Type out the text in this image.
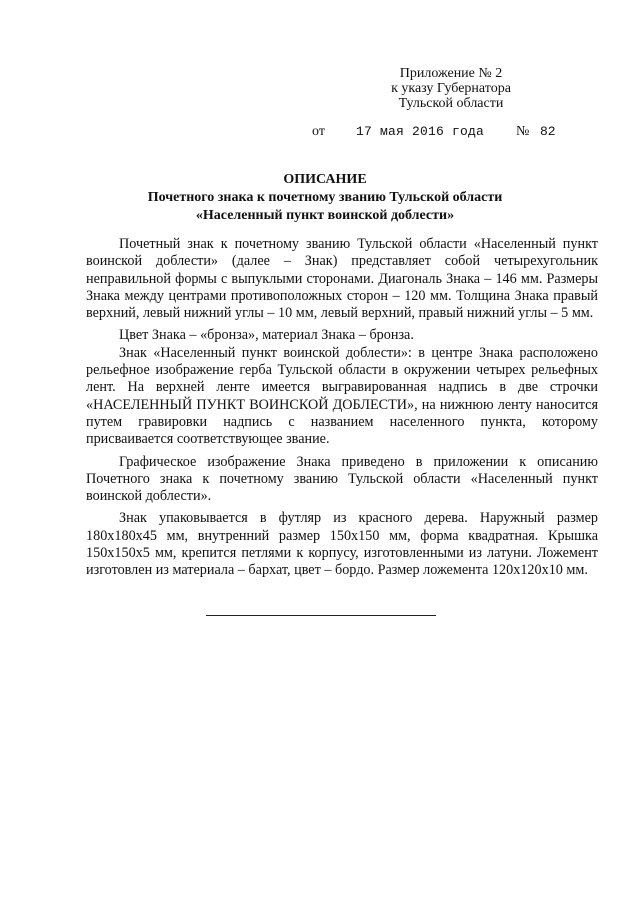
Приложение № 2
к указу Губернатора
Тульской области
от 17 мая 2016 года № 82
ОПИСАНИЕ
Почетного знака к почетному званию Тульской области
«Населенный пункт воинской доблести»

Почетный знак к почетному званию Тульской области «Населенный пункт воинской доблести» (далее – Знак) представляет собой четырехугольник неправильной формы с выпуклыми сторонами. Диагональ Знака – 146 мм. Размеры Знака между центрами противоположных сторон – 120 мм. Толщина Знака правый верхний, левый нижний углы – 10 мм, левый верхний, правый нижний углы – 5 мм.

Цвет Знака – «бронза», материал Знака – бронза.

Знак «Населенный пункт воинской доблести»: в центре Знака расположено рельефное изображение герба Тульской области в окружении четырех рельефных лент. На верхней ленте имеется выгравированная надпись в две строчки «НАСЕЛЕННЫЙ ПУНКТ ВОИНСКОЙ ДОБЛЕСТИ», на нижнюю ленту наносится путем гравировки надпись с названием населенного пункта, которому присваивается соответствующее звание.

Графическое изображение Знака приведено в приложении к описанию Почетного знака к почетному званию Тульской области «Населенный пункт воинской доблести».

Знак упаковывается в футляр из красного дерева. Наружный размер 180х180х45 мм, внутренний размер 150х150 мм, форма квадратная. Крышка 150х150х5 мм, крепится петлями к корпусу, изготовленными из латуни. Ложемент изготовлен из материала – бархат, цвет – бордо. Размер ложемента 120х120х10 мм.
